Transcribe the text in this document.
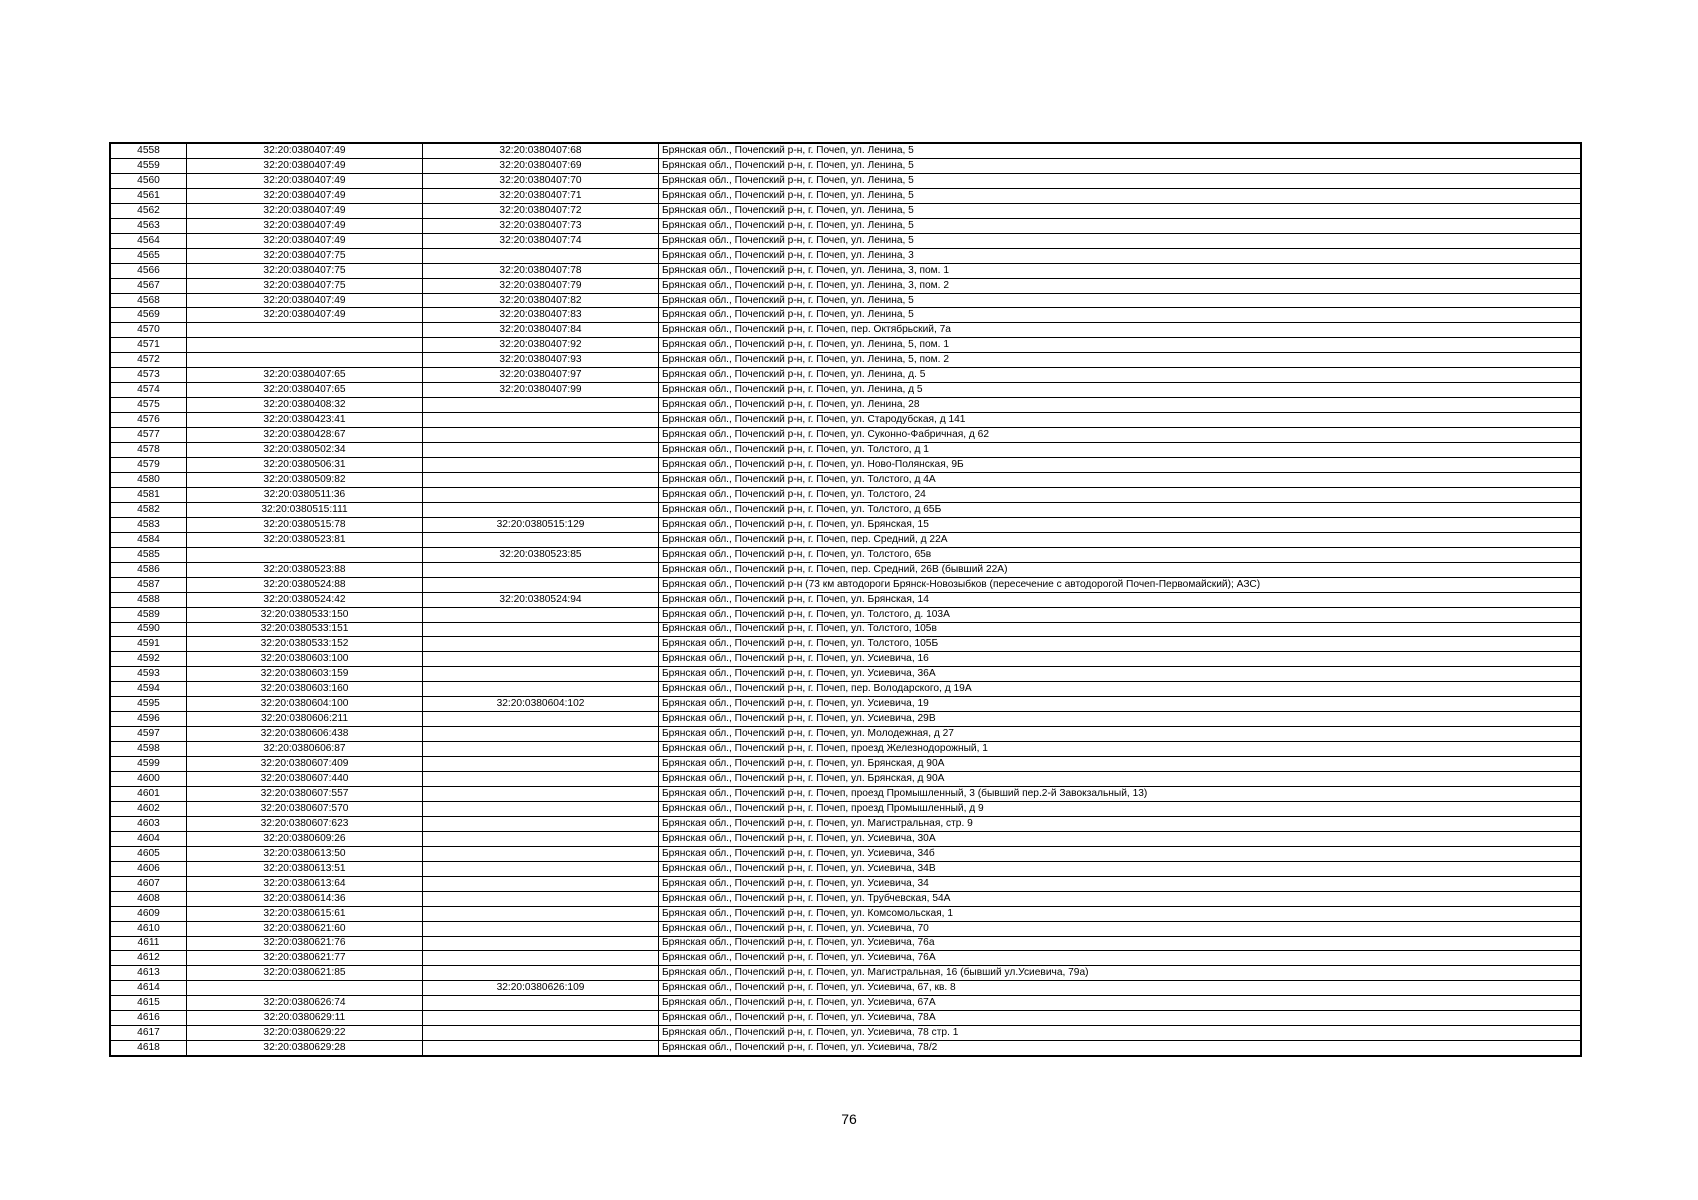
4558	32:20:0380407:49	32:20:0380407:68	Брянская обл., Почепский р-н, г. Почеп, ул. Ленина, 5
4559	32:20:0380407:49	32:20:0380407:69	Брянская обл., Почепский р-н, г. Почеп, ул. Ленина, 5
4560	32:20:0380407:49	32:20:0380407:70	Брянская обл., Почепский р-н, г. Почеп, ул. Ленина, 5
4561	32:20:0380407:49	32:20:0380407:71	Брянская обл., Почепский р-н, г. Почеп, ул. Ленина, 5
4562	32:20:0380407:49	32:20:0380407:72	Брянская обл., Почепский р-н, г. Почеп, ул. Ленина, 5
4563	32:20:0380407:49	32:20:0380407:73	Брянская обл., Почепский р-н, г. Почеп, ул. Ленина, 5
4564	32:20:0380407:49	32:20:0380407:74	Брянская обл., Почепский р-н, г. Почеп, ул. Ленина, 5
4565	32:20:0380407:75		Брянская обл., Почепский р-н, г. Почеп, ул. Ленина, 3
4566	32:20:0380407:75	32:20:0380407:78	Брянская обл., Почепский р-н, г. Почеп, ул. Ленина, 3, пом. 1
4567	32:20:0380407:75	32:20:0380407:79	Брянская обл., Почепский р-н, г. Почеп, ул. Ленина, 3, пом. 2
4568	32:20:0380407:49	32:20:0380407:82	Брянская обл., Почепский р-н, г. Почеп, ул. Ленина, 5
4569	32:20:0380407:49	32:20:0380407:83	Брянская обл., Почепский р-н, г. Почеп, ул. Ленина, 5
4570		32:20:0380407:84	Брянская обл., Почепский р-н, г. Почеп, пер. Октябрьский, 7а
4571		32:20:0380407:92	Брянская обл., Почепский р-н, г. Почеп, ул. Ленина, 5, пом. 1
4572		32:20:0380407:93	Брянская обл., Почепский р-н, г. Почеп, ул. Ленина, 5, пом. 2
4573	32:20:0380407:65	32:20:0380407:97	Брянская обл., Почепский р-н, г. Почеп, ул. Ленина, д. 5
4574	32:20:0380407:65	32:20:0380407:99	Брянская обл., Почепский р-н, г. Почеп, ул. Ленина, д 5
4575	32:20:0380408:32		Брянская обл., Почепский р-н, г. Почеп, ул. Ленина, 28
4576	32:20:0380423:41		Брянская обл., Почепский р-н, г. Почеп, ул. Стародубская, д 141
4577	32:20:0380428:67		Брянская обл., Почепский р-н, г. Почеп, ул. Суконно-Фабричная, д 62
4578	32:20:0380502:34		Брянская обл., Почепский р-н, г. Почеп, ул. Толстого, д 1
4579	32:20:0380506:31		Брянская обл., Почепский р-н, г. Почеп, ул. Ново-Полянская, 9Б
4580	32:20:0380509:82		Брянская обл., Почепский р-н, г. Почеп, ул. Толстого, д 4А
4581	32:20:0380511:36		Брянская обл., Почепский р-н, г. Почеп, ул. Толстого, 24
4582	32:20:0380515:111		Брянская обл., Почепский р-н, г. Почеп, ул. Толстого, д 65Б
4583	32:20:0380515:78	32:20:0380515:129	Брянская обл., Почепский р-н, г. Почеп, ул. Брянская, 15
4584	32:20:0380523:81		Брянская обл., Почепский р-н, г. Почеп, пер. Средний, д 22А
4585		32:20:0380523:85	Брянская обл., Почепский р-н, г. Почеп, ул. Толстого, 65в
4586	32:20:0380523:88		Брянская обл., Почепский р-н, г. Почеп, пер. Средний, 26В (бывший 22А)
4587	32:20:0380524:88		Брянская обл., Почепский р-н (73 км автодороги Брянск-Новозыбков (пересечение с автодорогой Почеп-Первомайский); АЗС)
4588	32:20:0380524:42	32:20:0380524:94	Брянская обл., Почепский р-н, г. Почеп, ул. Брянская, 14
4589	32:20:0380533:150		Брянская обл., Почепский р-н, г. Почеп, ул. Толстого, д. 103А
4590	32:20:0380533:151		Брянская обл., Почепский р-н, г. Почеп, ул. Толстого, 105в
4591	32:20:0380533:152		Брянская обл., Почепский р-н, г. Почеп, ул. Толстого, 105Б
4592	32:20:0380603:100		Брянская обл., Почепский р-н, г. Почеп, ул. Усиевича, 16
4593	32:20:0380603:159		Брянская обл., Почепский р-н, г. Почеп, ул. Усиевича, 36А
4594	32:20:0380603:160		Брянская обл., Почепский р-н, г. Почеп, пер. Володарского, д 19А
4595	32:20:0380604:100	32:20:0380604:102	Брянская обл., Почепский р-н, г. Почеп, ул. Усиевича, 19
4596	32:20:0380606:211		Брянская обл., Почепский р-н, г. Почеп, ул. Усиевича, 29В
4597	32:20:0380606:438		Брянская обл., Почепский р-н, г. Почеп, ул. Молодежная, д 27
4598	32:20:0380606:87		Брянская обл., Почепский р-н, г. Почеп, проезд Железнодорожный, 1
4599	32:20:0380607:409		Брянская обл., Почепский р-н, г. Почеп, ул. Брянская, д 90А
4600	32:20:0380607:440		Брянская обл., Почепский р-н, г. Почеп, ул. Брянская, д 90А
4601	32:20:0380607:557		Брянская обл., Почепский р-н, г. Почеп, проезд Промышленный, 3 (бывший пер.2-й Завокзальный, 13)
4602	32:20:0380607:570		Брянская обл., Почепский р-н, г. Почеп, проезд Промышленный, д 9
4603	32:20:0380607:623		Брянская обл., Почепский р-н, г. Почеп, ул. Магистральная, стр. 9
4604	32:20:0380609:26		Брянская обл., Почепский р-н, г. Почеп, ул. Усиевича, 30А
4605	32:20:0380613:50		Брянская обл., Почепский р-н, г. Почеп, ул. Усиевича, 34б
4606	32:20:0380613:51		Брянская обл., Почепский р-н, г. Почеп, ул. Усиевича, 34В
4607	32:20:0380613:64		Брянская обл., Почепский р-н, г. Почеп, ул. Усиевича, 34
4608	32:20:0380614:36		Брянская обл., Почепский р-н, г. Почеп, ул. Трубчевская, 54А
4609	32:20:0380615:61		Брянская обл., Почепский р-н, г. Почеп, ул. Комсомольская, 1
4610	32:20:0380621:60		Брянская обл., Почепский р-н, г. Почеп, ул. Усиевича, 70
4611	32:20:0380621:76		Брянская обл., Почепский р-н, г. Почеп, ул. Усиевича, 76а
4612	32:20:0380621:77		Брянская обл., Почепский р-н, г. Почеп, ул. Усиевича, 76А
4613	32:20:0380621:85		Брянская обл., Почепский р-н, г. Почеп, ул. Магистральная, 16 (бывший ул.Усиевича, 79а)
4614		32:20:0380626:109	Брянская обл., Почепский р-н, г. Почеп, ул. Усиевича, 67, кв. 8
4615	32:20:0380626:74		Брянская обл., Почепский р-н, г. Почеп, ул. Усиевича, 67А
4616	32:20:0380629:11		Брянская обл., Почепский р-н, г. Почеп, ул. Усиевича, 78А
4617	32:20:0380629:22		Брянская обл., Почепский р-н, г. Почеп, ул. Усиевича, 78 стр. 1
4618	32:20:0380629:28		Брянская обл., Почепский р-н, г. Почеп, ул. Усиевича, 78/2
76
